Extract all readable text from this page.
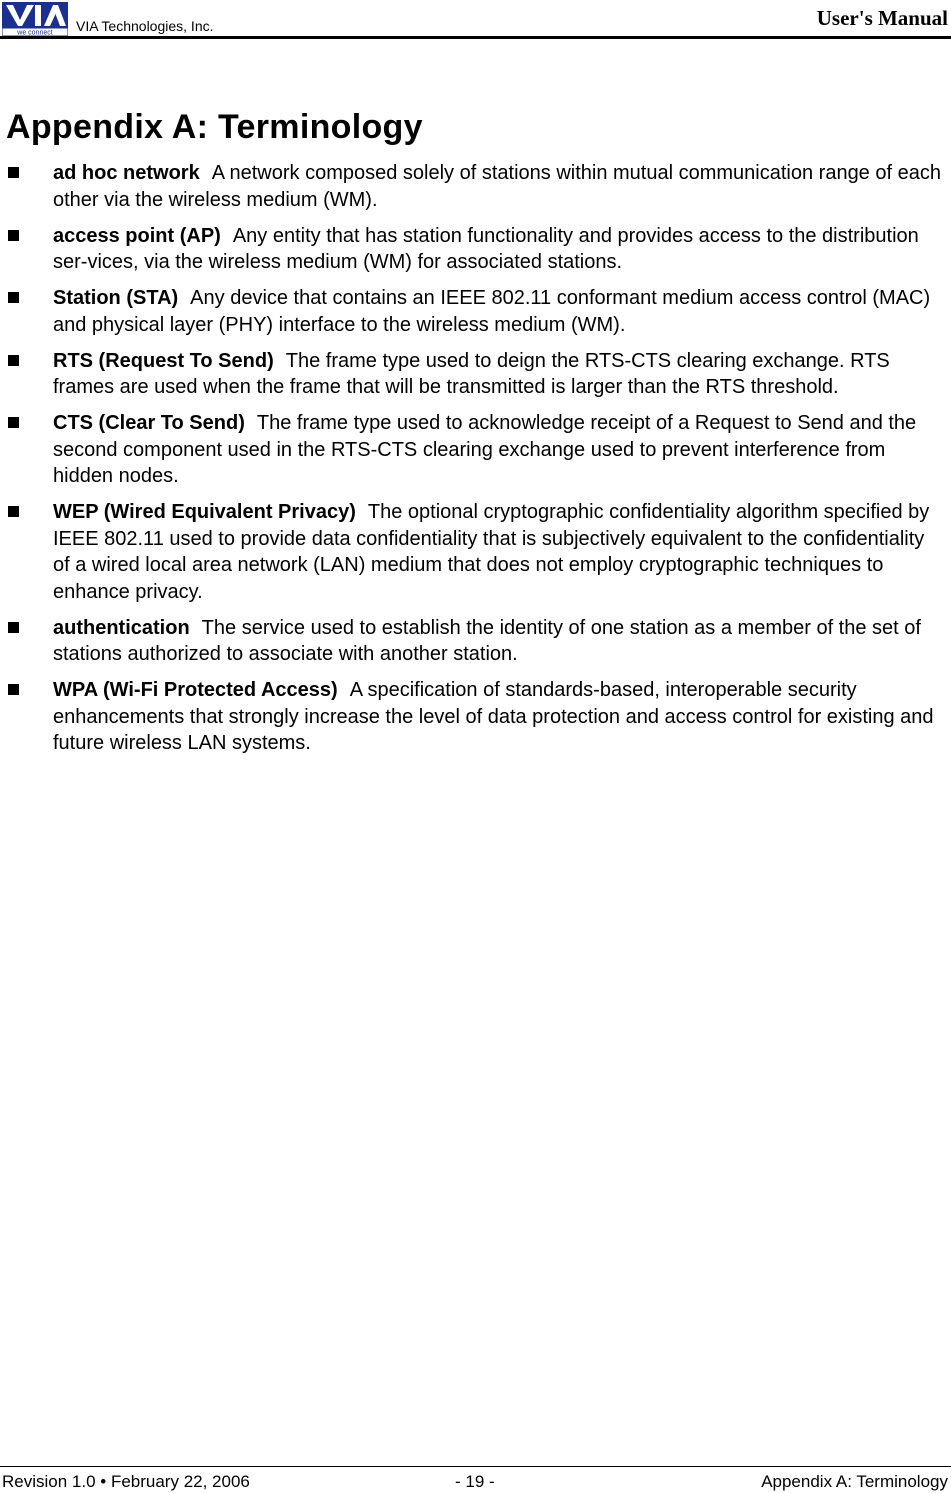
we connect VIA Technologies, Inc.	User's Manual
Appendix A: Terminology
ad hoc network A network composed solely of stations within mutual communication range of each other via the wireless medium (WM).
access point (AP) Any entity that has station functionality and provides access to the distribution ser-vices, via the wireless medium (WM) for associated stations.
Station (STA) Any device that contains an IEEE 802.11 conformant medium access control (MAC) and physical layer (PHY) interface to the wireless medium (WM).
RTS (Request To Send) The frame type used to deign the RTS-CTS clearing exchange. RTS frames are used when the frame that will be transmitted is larger than the RTS threshold.
CTS (Clear To Send) The frame type used to acknowledge receipt of a Request to Send and the second component used in the RTS-CTS clearing exchange used to prevent interference from hidden nodes.
WEP (Wired Equivalent Privacy) The optional cryptographic confidentiality algorithm specified by IEEE 802.11 used to provide data confidentiality that is subjectively equivalent to the confidentiality of a wired local area network (LAN) medium that does not employ cryptographic techniques to enhance privacy.
authentication The service used to establish the identity of one station as a member of the set of stations authorized to associate with another station.
WPA (Wi-Fi Protected Access) A specification of standards-based, interoperable security enhancements that strongly increase the level of data protection and access control for existing and future wireless LAN systems.
Revision 1.0 • February 22, 2006	- 19 -	Appendix A: Terminology
